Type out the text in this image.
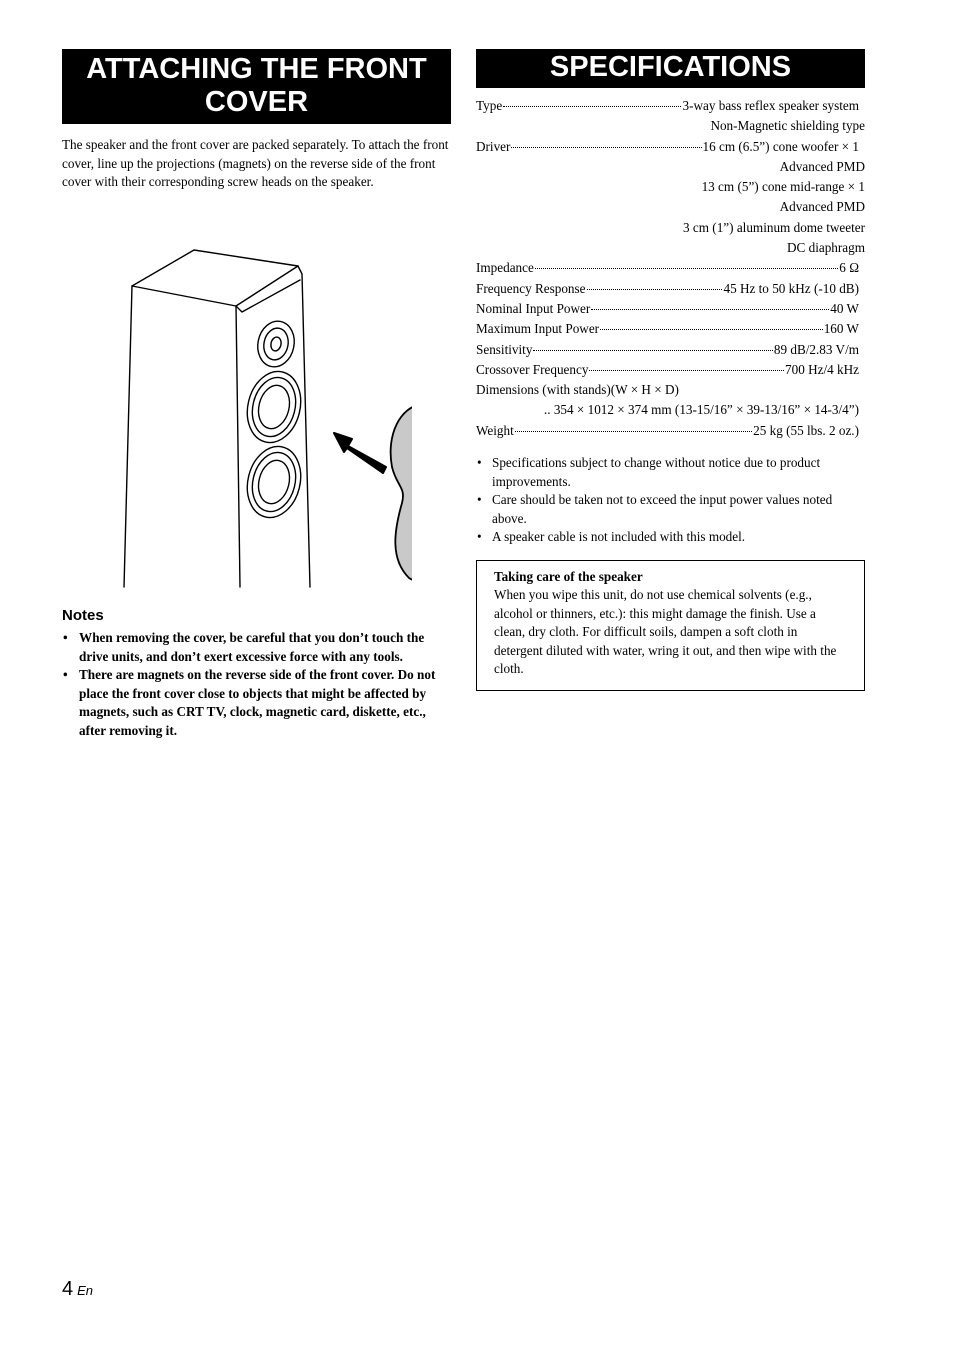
ATTACHING THE FRONT COVER

The speaker and the front cover are packed separately. To attach the front cover, line up the projections (magnets) on the reverse side of the front cover with their corresponding screw heads on the speaker.

Notes
• When removing the cover, be careful that you don’t touch the drive units, and don’t exert excessive force with any tools.
• There are magnets on the reverse side of the front cover. Do not place the front cover close to objects that might be affected by magnets, such as CRT TV, clock, magnetic card, diskette, etc., after removing it.
SPECIFICATIONS
Type	3-way bass reflex speaker system
Non-Magnetic shielding type
Driver	16 cm (6.5”) cone woofer × 1
Advanced PMD
13 cm (5”) cone mid-range × 1
Advanced PMD
3 cm (1”) aluminum dome tweeter
DC diaphragm
Impedance	6 Ω
Frequency Response	45 Hz to 50 kHz (-10 dB)
Nominal Input Power	40 W
Maximum Input Power	160 W
Sensitivity	89 dB/2.83 V/m
Crossover Frequency	700 Hz/4 kHz
Dimensions (with stands)(W × H × D)
.. 354 × 1012 × 374 mm (13-15/16” × 39-13/16” × 14-3/4”)
Weight	25 kg (55 lbs. 2 oz.)
• Specifications subject to change without notice due to product improvements.
• Care should be taken not to exceed the input power values noted above.
• A speaker cable is not included with this model.

Taking care of the speaker

When you wipe this unit, do not use chemical solvents (e.g., alcohol or thinners, etc.): this might damage the finish. Use a clean, dry cloth. For difficult soils, dampen a soft cloth in detergent diluted with water, wring it out, and then wipe with the cloth.

4 En
